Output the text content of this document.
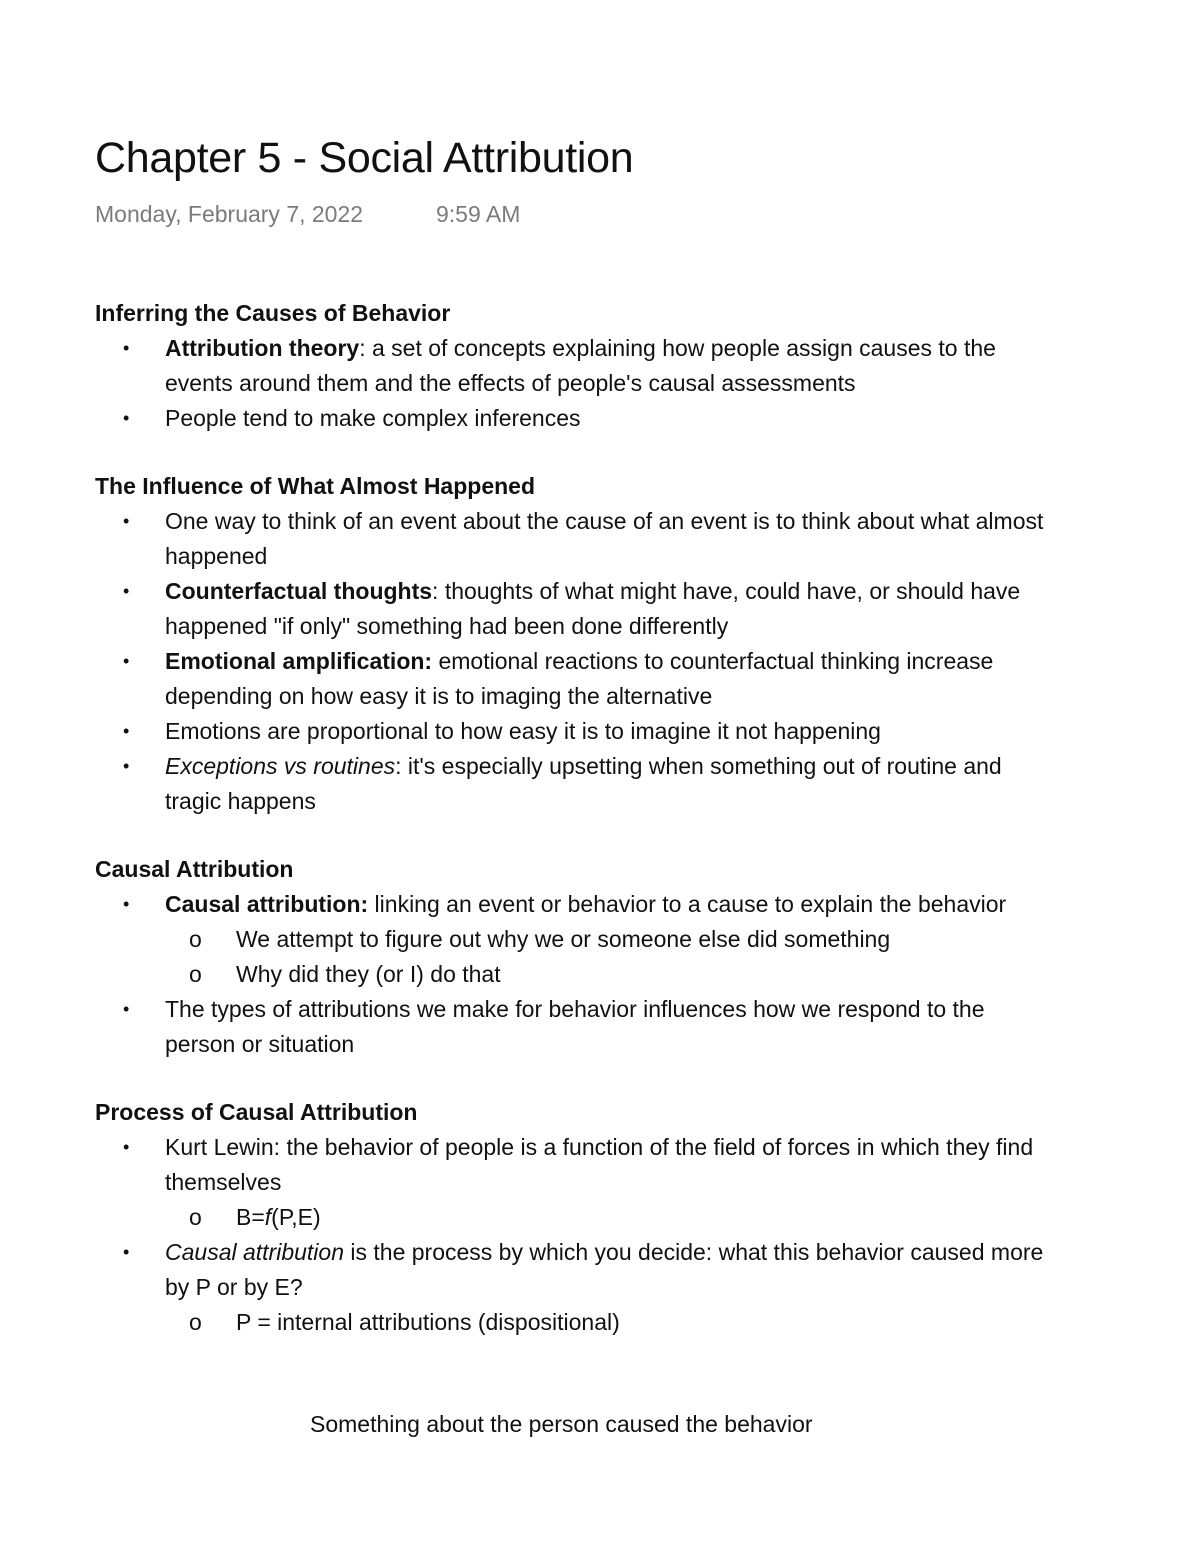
Chapter 5 - Social Attribution
Monday, February 7, 2022	9:59 AM

Inferring the Causes of Behavior

• Attribution theory: a set of concepts explaining how people assign causes to the events around them and the effects of people's causal assessments
• People tend to make complex inferences

The Influence of What Almost Happened

• One way to think of an event about the cause of an event is to think about what almost happened
• Counterfactual thoughts: thoughts of what might have, could have, or should have happened "if only" something had been done differently
• Emotional amplification: emotional reactions to counterfactual thinking increase depending on how easy it is to imaging the alternative
• Emotions are proportional to how easy it is to imagine it not happening
• Exceptions vs routines: it's especially upsetting when something out of routine and tragic happens

Causal Attribution

• Causal attribution: linking an event or behavior to a cause to explain the behavior
o We attempt to figure out why we or someone else did something
o Why did they (or I) do that
• The types of attributions we make for behavior influences how we respond to the person or situation

Process of Causal Attribution

• Kurt Lewin: the behavior of people is a function of the field of forces in which they find themselves
o B=f(P,E)
• Causal attribution is the process by which you decide: what this behavior caused more by P or by E?
o P = internal attributions (dispositional)
Something about the person caused the behavior
